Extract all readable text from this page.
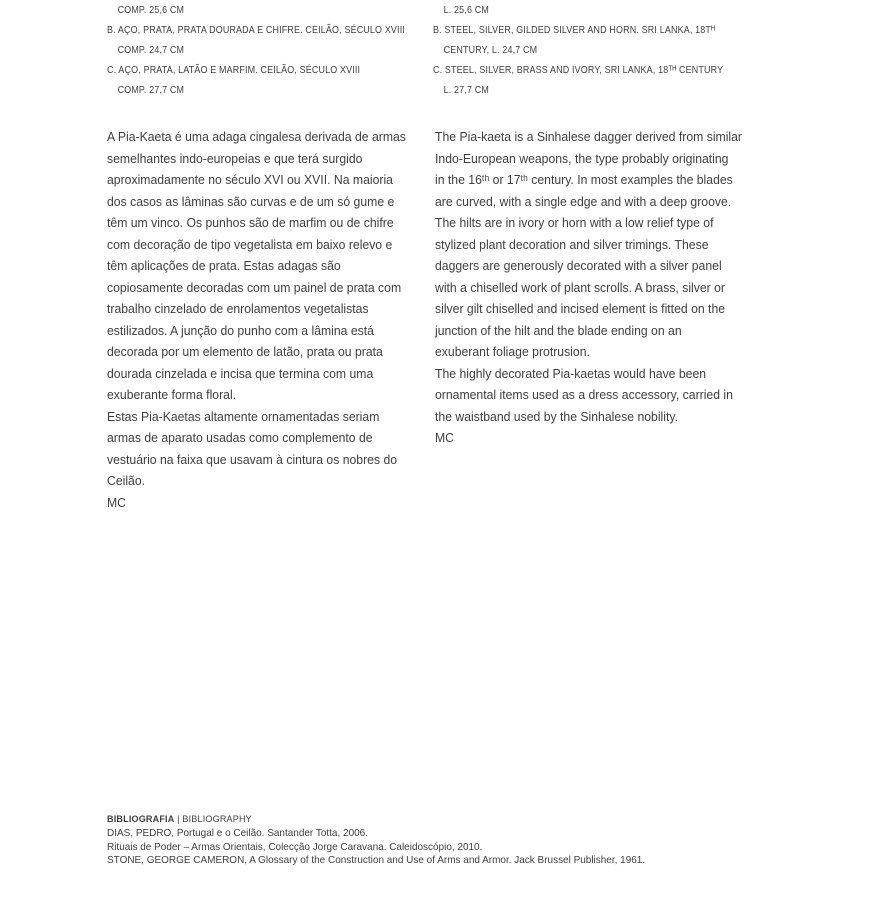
COMP. 25,6 CM
B. AÇO, PRATA, PRATA DOURADA E CHIFRE. CEILÃO, SÉCULO XVIII
COMP. 24,7 CM
C. AÇO, PRATA, LATÃO E MARFIM. CEILÃO, SÉCULO XVIII
COMP. 27,7 CM
L. 25,6 CM
B. STEEL, SILVER, GILDED SILVER AND HORN. SRI LANKA, 18Tᴴ
CENTURY, L. 24,7 CM
C. STEEL, SILVER, BRASS AND IVORY, SRI LANKA, 18ᵀᴴ CENTURY
L. 27,7 CM
A Pia-Kaeta é uma adaga cingalesa derivada de armas
semelhantes indo-europeias e que terá surgido
aproximadamente no século XVI ou XVII. Na maioria
dos casos as lâminas são curvas e de um só gume e
têm um vinco. Os punhos são de marfim ou de chifre
com decoração de tipo vegetalista em baixo relevo e
têm aplicações de prata. Estas adagas são
copiosamente decoradas com um painel de prata com
trabalho cinzelado de enrolamentos vegetalistas
estilizados. A junção do punho com a lâmina está
decorada por um elemento de latão, prata ou prata
dourada cinzelada e incisa que termina com uma
exuberante forma floral.
Estas Pia-Kaetas altamente ornamentadas seriam
armas de aparato usadas como complemento de
vestuário na faixa que usavam à cintura os nobres do
Ceilão.
MC
The Pia-kaeta is a Sinhalese dagger derived from similar
Indo-European weapons, the type probably originating
in the 16ᵗʰ or 17ᵗʰ century. In most examples the blades
are curved, with a single edge and with a deep groove.
The hilts are in ivory or horn with a low relief type of
stylized plant decoration and silver trimings. These
daggers are generously decorated with a silver panel
with a chiselled work of plant scrolls. A brass, silver or
silver gilt chiselled and incised element is fitted on the
junction of the hilt and the blade ending on an
exuberant foliage protrusion.
The highly decorated Pia-kaetas would have been
ornamental items used as a dress accessory, carried in
the waistband used by the Sinhalese nobility.
MC
BIBLIOGRAFIA | BIBLIOGRAPHY
DIAS, PEDRO, Portugal e o Ceilão. Santander Totta, 2006.
Rituais de Poder – Armas Orientais, Colecção Jorge Caravana. Caleidoscópio, 2010.
STONE, GEORGE CAMERON, A Glossary of the Construction and Use of Arms and Armor. Jack Brussel Publisher, 1961.
